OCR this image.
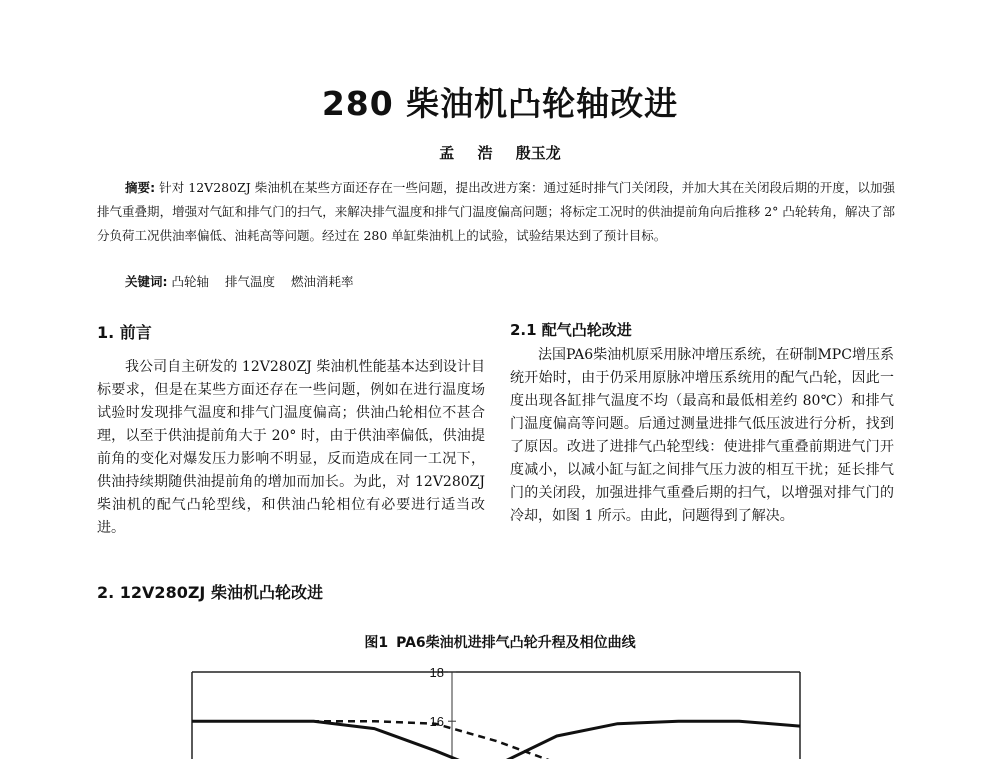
280 柴油机凸轮轴改进
孟 浩 殷玉龙

摘要: 针对 12V280ZJ 柴油机在某些方面还存在一些问题，提出改进方案：通过延时排气门关闭段，并加大其在关闭段后期的开度，以加强排气重叠期，增强对气缸和排气门的扫气，来解决排气温度和排气门温度偏高问题；将标定工况时的供油提前角向后推移 2° 凸轮转角，解决了部分负荷工况供油率偏低、油耗高等问题。经过在 280 单缸柴油机上的试验，试验结果达到了预计目标。

关键词: 凸轮轴 排气温度 燃油消耗率

1. 前言

我公司自主研发的 12V280ZJ 柴油机性能基本达到设计目标要求，但是在某些方面还存在一些问题，例如在进行温度场试验时发现排气温度和排气门温度偏高；供油凸轮相位不甚合理，以至于供油提前角大于 20° 时，由于供油率偏低，供油提前角的变化对爆发压力影响不明显，反而造成在同一工况下，供油持续期随供油提前角的增加而加长。为此，对 12V280ZJ 柴油机的配气凸轮型线，和供油凸轮相位有必要进行适当改进。

2.1 配气凸轮改进

法国PA6柴油机原采用脉冲增压系统，在研制MPC增压系统开始时，由于仍采用原脉冲增压系统用的配气凸轮，因此一度出现各缸排气温度不均（最高和最低相差约 80℃）和排气门温度偏高等问题。后通过测量进排气低压波进行分析，找到了原因。改进了进排气凸轮型线：使进排气重叠前期进气门开度减小，以减小缸与缸之间排气压力波的相互干扰；延长排气门的关闭段，加强进排气重叠后期的扫气，以增强对排气门的冷却，如图 1 所示。由此，问题得到了解决。

2. 12V280ZJ 柴油机凸轮改进
图1 PA6柴油机进排气凸轮升程及相位曲线
18
16
